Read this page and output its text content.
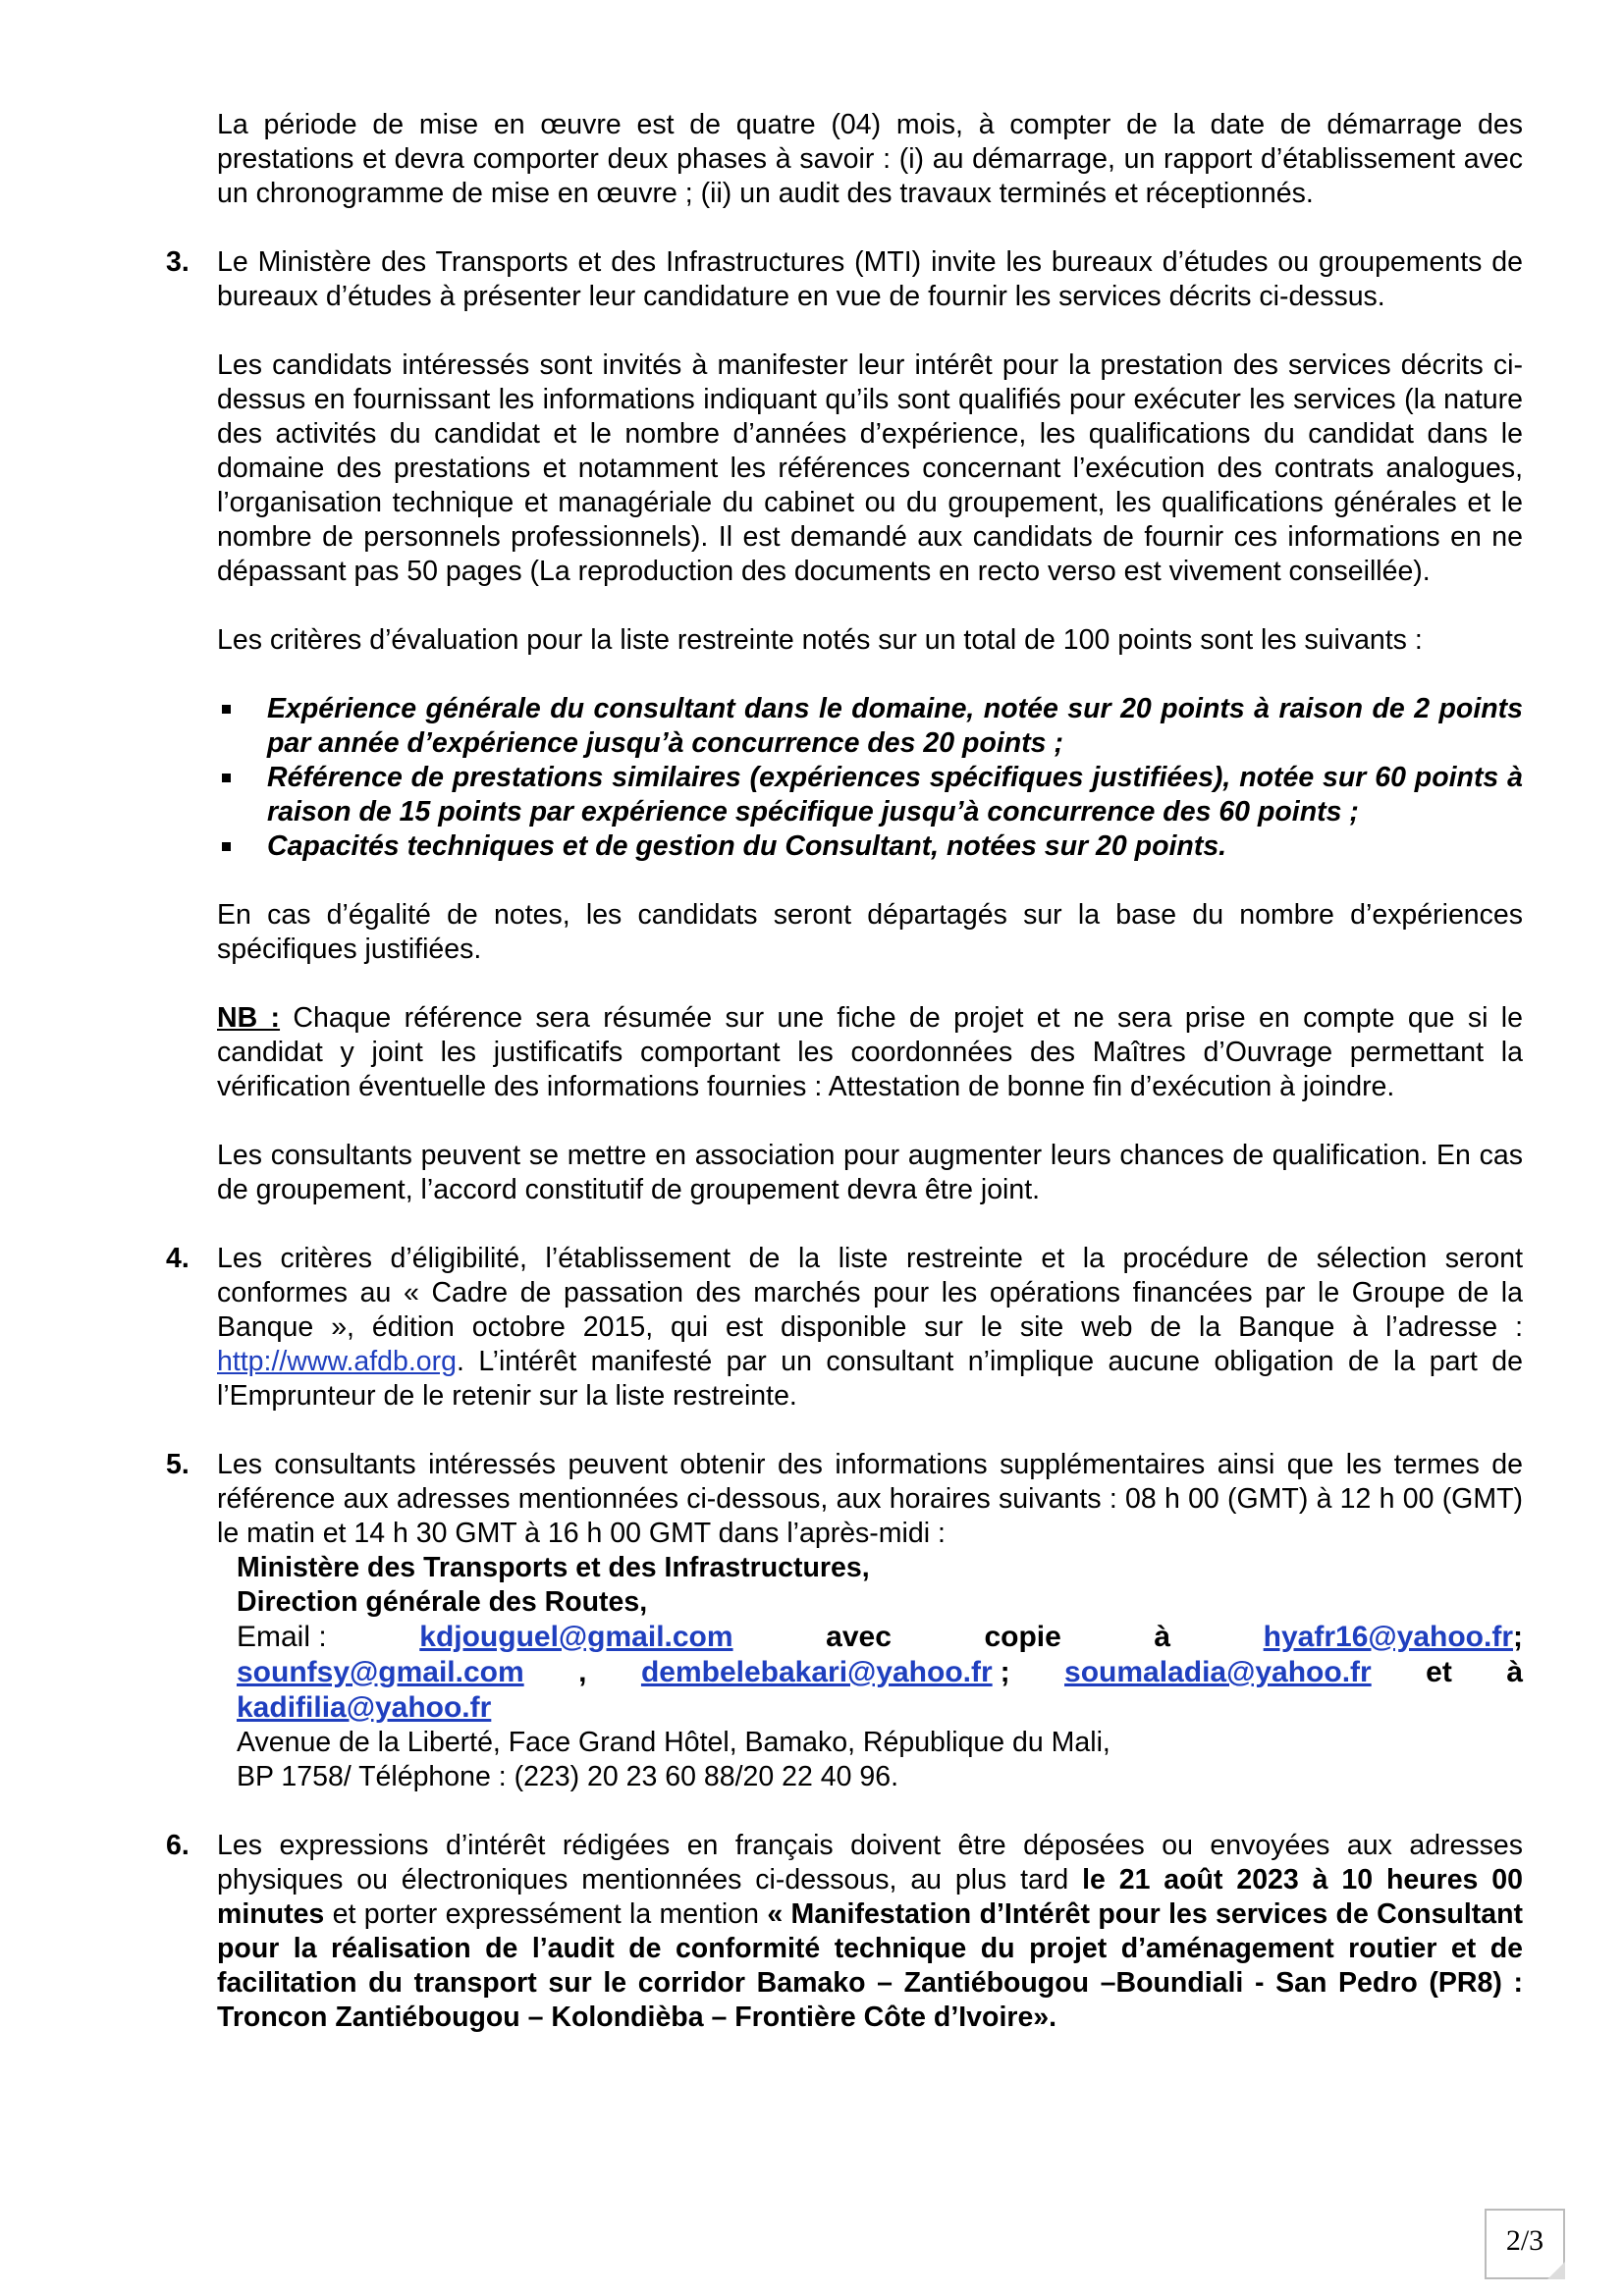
La période de mise en œuvre est de quatre (04) mois, à compter de la date de démarrage des prestations et devra comporter deux phases à savoir : (i) au démarrage, un rapport d’établissement avec un chronogramme de mise en œuvre ; (ii) un audit des travaux terminés et réceptionnés.

3. Le Ministère des Transports et des Infrastructures (MTI) invite les bureaux d’études ou groupements de bureaux d’études à présenter leur candidature en vue de fournir les services décrits ci-dessus.

Les candidats intéressés sont invités à manifester leur intérêt pour la prestation des services décrits ci-dessus en fournissant les informations indiquant qu’ils sont qualifiés pour exécuter les services (la nature des activités du candidat et le nombre d’années d’expérience, les qualifications du candidat dans le domaine des prestations et notamment les références concernant l’exécution des contrats analogues, l’organisation technique et managériale du cabinet ou du groupement, les qualifications générales et le nombre de personnels professionnels). Il est demandé aux candidats de fournir ces informations en ne dépassant pas 50 pages (La reproduction des documents en recto verso est vivement conseillée).

Les critères d’évaluation pour la liste restreinte notés sur un total de 100 points sont les suivants :

Expérience générale du consultant dans le domaine, notée sur 20 points à raison de 2 points par année d’expérience jusqu’à concurrence des 20 points ;
Référence de prestations similaires (expériences spécifiques justifiées), notée sur 60 points à raison de 15 points par expérience spécifique jusqu’à concurrence des 60 points ;
Capacités techniques et de gestion du Consultant, notées sur 20 points.

En cas d’égalité de notes, les candidats seront départagés sur la base du nombre d’expériences spécifiques justifiées.

NB : Chaque référence sera résumée sur une fiche de projet et ne sera prise en compte que si le candidat y joint les justificatifs comportant les coordonnées des Maîtres d’Ouvrage permettant la vérification éventuelle des informations fournies : Attestation de bonne fin d’exécution à joindre.

Les consultants peuvent se mettre en association pour augmenter leurs chances de qualification. En cas de groupement, l’accord constitutif de groupement devra être joint.

4. Les critères d’éligibilité, l’établissement de la liste restreinte et la procédure de sélection seront conformes au « Cadre de passation des marchés pour les opérations financées par le Groupe de la Banque », édition octobre 2015, qui est disponible sur le site web de la Banque à l’adresse : http://www.afdb.org. L’intérêt manifesté par un consultant n’implique aucune obligation de la part de l’Emprunteur de le retenir sur la liste restreinte.

5. Les consultants intéressés peuvent obtenir des informations supplémentaires ainsi que les termes de référence aux adresses mentionnées ci-dessous, aux horaires suivants : 08 h 00 (GMT) à 12 h 00 (GMT) le matin et 14 h 30 GMT à 16 h 00 GMT dans l’après-midi :

Ministère des Transports et des Infrastructures,

Direction générale des Routes,

Email :	kdjouguel@gmail.com	avec	copie	à	hyafr16@yahoo.fr;
sounfsy@gmail.com , dembelebakari@yahoo.fr ; soumaladia@yahoo.fr et à
kadifilia@yahoo.fr

Avenue de la Liberté, Face Grand Hôtel, Bamako, République du Mali,

BP 1758/ Téléphone : (223) 20 23 60 88/20 22 40 96.

6. Les expressions d’intérêt rédigées en français doivent être déposées ou envoyées aux adresses physiques ou électroniques mentionnées ci-dessous, au plus tard le 21 août 2023 à 10 heures 00 minutes et porter expressément la mention « Manifestation d’Intérêt pour les services de Consultant pour la réalisation de l’audit de conformité technique du projet d’aménagement routier et de facilitation du transport sur le corridor Bamako – Zantiébougou –Boundiali - San Pedro (PR8) : Troncon Zantiébougou – Kolondièba – Frontière Côte d’Ivoire».

2/3
